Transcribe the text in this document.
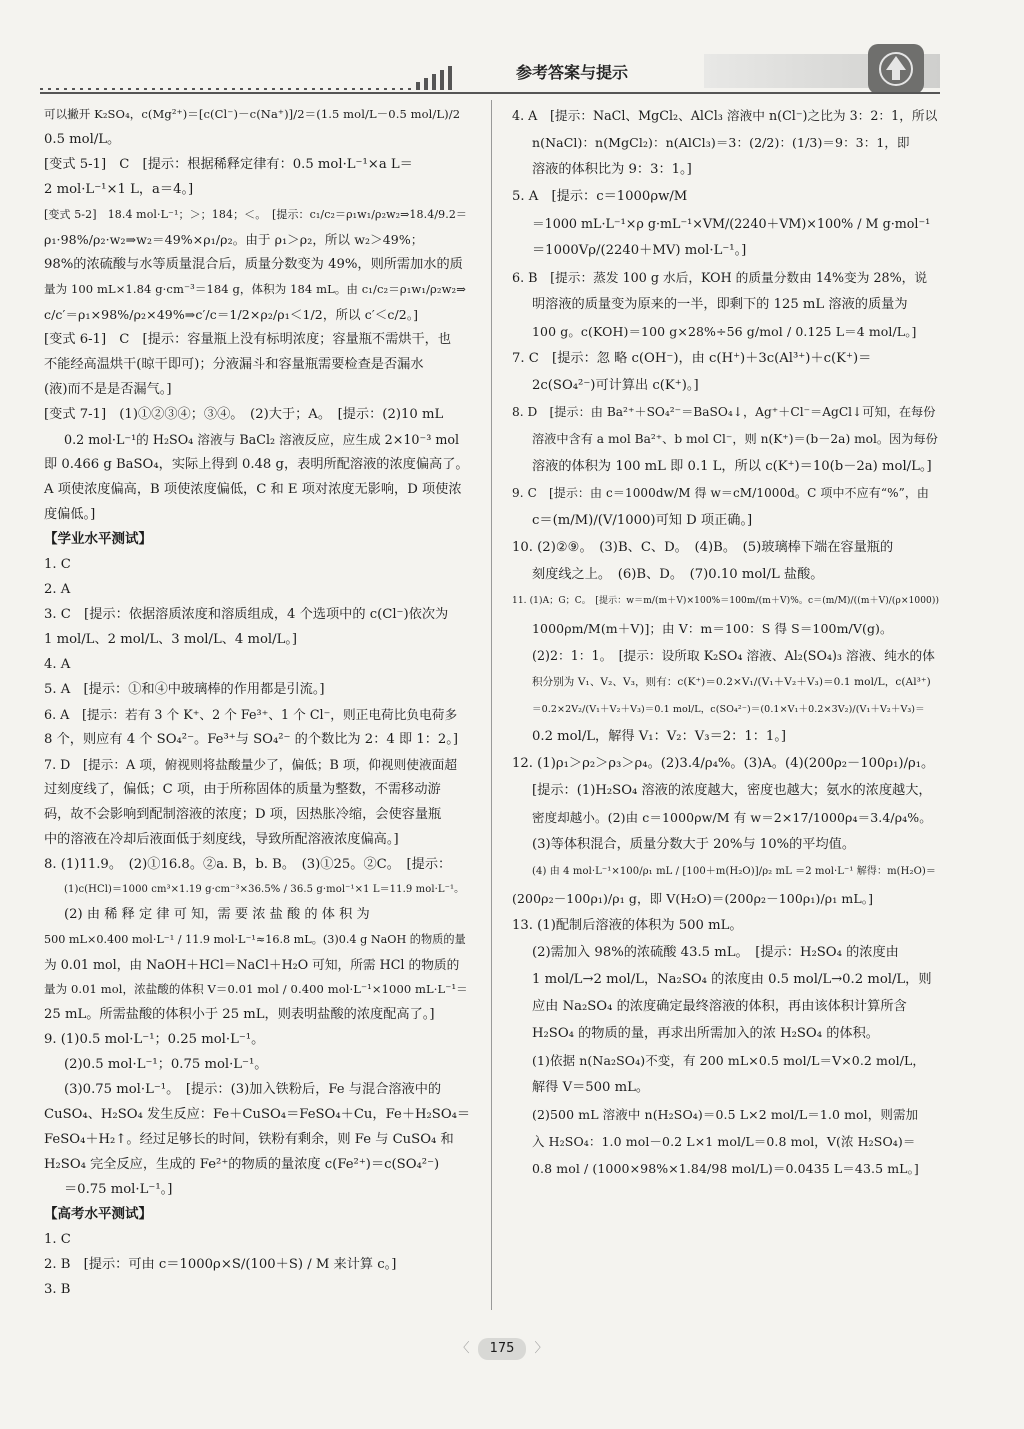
参考答案与提示
可以撇开 K₂SO₄，c(Mg²⁺)＝[c(Cl⁻)－c(Na⁺)]/2＝(1.5 mol/L－0.5 mol/L)/2
0.5 mol/L。
[变式 5-1]　C　[提示：根据稀释定律有：0.5 mol·L⁻¹×a L＝
2 mol·L⁻¹×1 L，a＝4。]
[变式 5-2]　18.4 mol·L⁻¹；＞；184；＜。　[提示：c₁/c₂＝ρ₁w₁/ρ₂w₂⇒18.4/9.2＝
ρ₁·98%/ρ₂·w₂⇒w₂＝49%×ρ₁/ρ₂。由于 ρ₁＞ρ₂，所以 w₂＞49%；
98%的浓硫酸与水等质量混合后，质量分数变为 49%，则所需加水的质
量为 100 mL×1.84 g·cm⁻³＝184 g，体积为 184 mL。由 c₁/c₂＝ρ₁w₁/ρ₂w₂⇒
c/c′＝ρ₁×98%/ρ₂×49%⇒c′/c＝1/2×ρ₂/ρ₁＜1/2，所以 c′＜c/2。]
[变式 6-1]　C　[提示：容量瓶上没有标明浓度；容量瓶不需烘干，也
不能经高温烘干(晾干即可)；分液漏斗和容量瓶需要检查是否漏水
(液)而不是是否漏气。]
[变式 7-1]　(1)①②③④；③④。　(2)大于；A。　[提示：(2)10 mL
0.2 mol·L⁻¹的 H₂SO₄ 溶液与 BaCl₂ 溶液反应，应生成 2×10⁻³ mol
即 0.466 g BaSO₄，实际上得到 0.48 g，表明所配溶液的浓度偏高了。
A 项使浓度偏高，B 项使浓度偏低，C 和 E 项对浓度无影响，D 项使浓
度偏低。]
【学业水平测试】
1. C
2. A
3. C　[提示：依据溶质浓度和溶质组成，4 个选项中的 c(Cl⁻)依次为
1 mol/L、2 mol/L、3 mol/L、4 mol/L。]
4. A
5. A　[提示：①和④中玻璃棒的作用都是引流。]
6. A　[提示：若有 3 个 K⁺、2 个 Fe³⁺、1 个 Cl⁻，则正电荷比负电荷多
8 个，则应有 4 个 SO₄²⁻。Fe³⁺与 SO₄²⁻ 的个数比为 2：4 即 1：2。]
7. D　[提示：A 项，俯视则将盐酸量少了，偏低；B 项，仰视则使液面超
过刻度线了，偏低；C 项，由于所称固体的质量为整数，不需移动游
码，故不会影响到配制溶液的浓度；D 项，因热胀冷缩，会使容量瓶
中的溶液在冷却后液面低于刻度线，导致所配溶液浓度偏高。]
8. (1)11.9。　(2)①16.8。②a. B，b. B。　(3)①25。②C。　[提示：
(1)c(HCl)＝1000 cm³×1.19 g·cm⁻³×36.5% / 36.5 g·mol⁻¹×1 L＝11.9 mol·L⁻¹。
(2) 由 稀 释 定 律 可 知，需 要 浓 盐 酸 的 体 积 为
500 mL×0.400 mol·L⁻¹ / 11.9 mol·L⁻¹≈16.8 mL。(3)0.4 g NaOH 的物质的量
为 0.01 mol，由 NaOH＋HCl＝NaCl＋H₂O 可知，所需 HCl 的物质的
量为 0.01 mol，浓盐酸的体积 V＝0.01 mol / 0.400 mol·L⁻¹×1000 mL·L⁻¹＝
25 mL。所需盐酸的体积小于 25 mL，则表明盐酸的浓度配高了。]
9. (1)0.5 mol·L⁻¹；0.25 mol·L⁻¹。
(2)0.5 mol·L⁻¹；0.75 mol·L⁻¹。
(3)0.75 mol·L⁻¹。　[提示：(3)加入铁粉后，Fe 与混合溶液中的
CuSO₄、H₂SO₄ 发生反应：Fe＋CuSO₄＝FeSO₄＋Cu，Fe＋H₂SO₄＝
FeSO₄＋H₂↑。经过足够长的时间，铁粉有剩余，则 Fe 与 CuSO₄ 和
H₂SO₄ 完全反应，生成的 Fe²⁺的物质的量浓度 c(Fe²⁺)＝c(SO₄²⁻)
＝0.75 mol·L⁻¹。]
【高考水平测试】
1. C
2. B　[提示：可由 c＝1000ρ×S/(100＋S) / M 来计算 c。]
3. B
4. A　[提示：NaCl、MgCl₂、AlCl₃ 溶液中 n(Cl⁻)之比为 3：2：1，所以
n(NaCl)：n(MgCl₂)：n(AlCl₃)＝3：(2/2)：(1/3)＝9：3：1，即
溶液的体积比为 9：3：1。]
5. A　[提示：c＝1000ρw/M
＝1000 mL·L⁻¹×ρ g·mL⁻¹×VM/(2240＋VM)×100% / M g·mol⁻¹
＝1000Vρ/(2240＋MV) mol·L⁻¹。]
6. B　[提示：蒸发 100 g 水后，KOH 的质量分数由 14%变为 28%，说
明溶液的质量变为原来的一半，即剩下的 125 mL 溶液的质量为
100 g。c(KOH)＝100 g×28%÷56 g/mol / 0.125 L＝4 mol/L。]
7. C　[提示：忽 略 c(OH⁻)，由 c(H⁺)＋3c(Al³⁺)＋c(K⁺)＝
2c(SO₄²⁻)可计算出 c(K⁺)。]
8. D　[提示：由 Ba²⁺＋SO₄²⁻＝BaSO₄↓，Ag⁺＋Cl⁻＝AgCl↓可知，在每份
溶液中含有 a mol Ba²⁺、b mol Cl⁻，则 n(K⁺)＝(b－2a) mol。因为每份
溶液的体积为 100 mL 即 0.1 L，所以 c(K⁺)＝10(b－2a) mol/L。]
9. C　[提示：由 c＝1000dw/M 得 w＝cM/1000d。C 项中不应有“%”，由
c＝(m/M)/(V/1000)可知 D 项正确。]
10. (2)②⑨。　(3)B、C、D。　(4)B。　(5)玻璃棒下端在容量瓶的
刻度线之上。　(6)B、D。　(7)0.10 mol/L 盐酸。
11. (1)A；G；C。　[提示：w＝m/(m＋V)×100%＝100m/(m＋V)%。c＝(m/M)/((m＋V)/(ρ×1000))
1000ρm/M(m＋V)]；由 V：m＝100：S 得 S＝100m/V(g)。
(2)2：1：1。　[提示：设所取 K₂SO₄ 溶液、Al₂(SO₄)₃ 溶液、纯水的体
积分别为 V₁、V₂、V₃，则有：c(K⁺)＝0.2×V₁/(V₁＋V₂＋V₃)＝0.1 mol/L，c(Al³⁺)
＝0.2×2V₂/(V₁＋V₂＋V₃)＝0.1 mol/L，c(SO₄²⁻)＝(0.1×V₁＋0.2×3V₂)/(V₁＋V₂＋V₃)＝
0.2 mol/L，解得 V₁：V₂：V₃＝2：1：1。]
12. (1)ρ₁＞ρ₂＞ρ₃＞ρ₄。(2)3.4/ρ₄%。(3)A。(4)(200ρ₂－100ρ₁)/ρ₁。
[提示：(1)H₂SO₄ 溶液的浓度越大，密度也越大；氨水的浓度越大，
密度却越小。(2)由 c＝1000ρw/M 有 w＝2×17/1000ρ₄＝3.4/ρ₄%。
(3)等体积混合，质量分数大于 20%与 10%的平均值。
(4) 由 4 mol·L⁻¹×100/ρ₁ mL / [100＋m(H₂O)]/ρ₂ mL ＝2 mol·L⁻¹ 解得：m(H₂O)＝
(200ρ₂－100ρ₁)/ρ₁ g，即 V(H₂O)＝(200ρ₂－100ρ₁)/ρ₁ mL。]
13. (1)配制后溶液的体积为 500 mL。
(2)需加入 98%的浓硫酸 43.5 mL。　[提示：H₂SO₄ 的浓度由
1 mol/L→2 mol/L，Na₂SO₄ 的浓度由 0.5 mol/L→0.2 mol/L，则
应由 Na₂SO₄ 的浓度确定最终溶液的体积，再由该体积计算所含
H₂SO₄ 的物质的量，再求出所需加入的浓 H₂SO₄ 的体积。
(1)依据 n(Na₂SO₄)不变，有 200 mL×0.5 mol/L＝V×0.2 mol/L，
解得 V＝500 mL。
(2)500 mL 溶液中 n(H₂SO₄)＝0.5 L×2 mol/L＝1.0 mol，则需加
入 H₂SO₄：1.0 mol－0.2 L×1 mol/L＝0.8 mol，V(浓 H₂SO₄)＝
0.8 mol / (1000×98%×1.84/98 mol/L)＝0.0435 L＝43.5 mL。]
〈	175	〉
